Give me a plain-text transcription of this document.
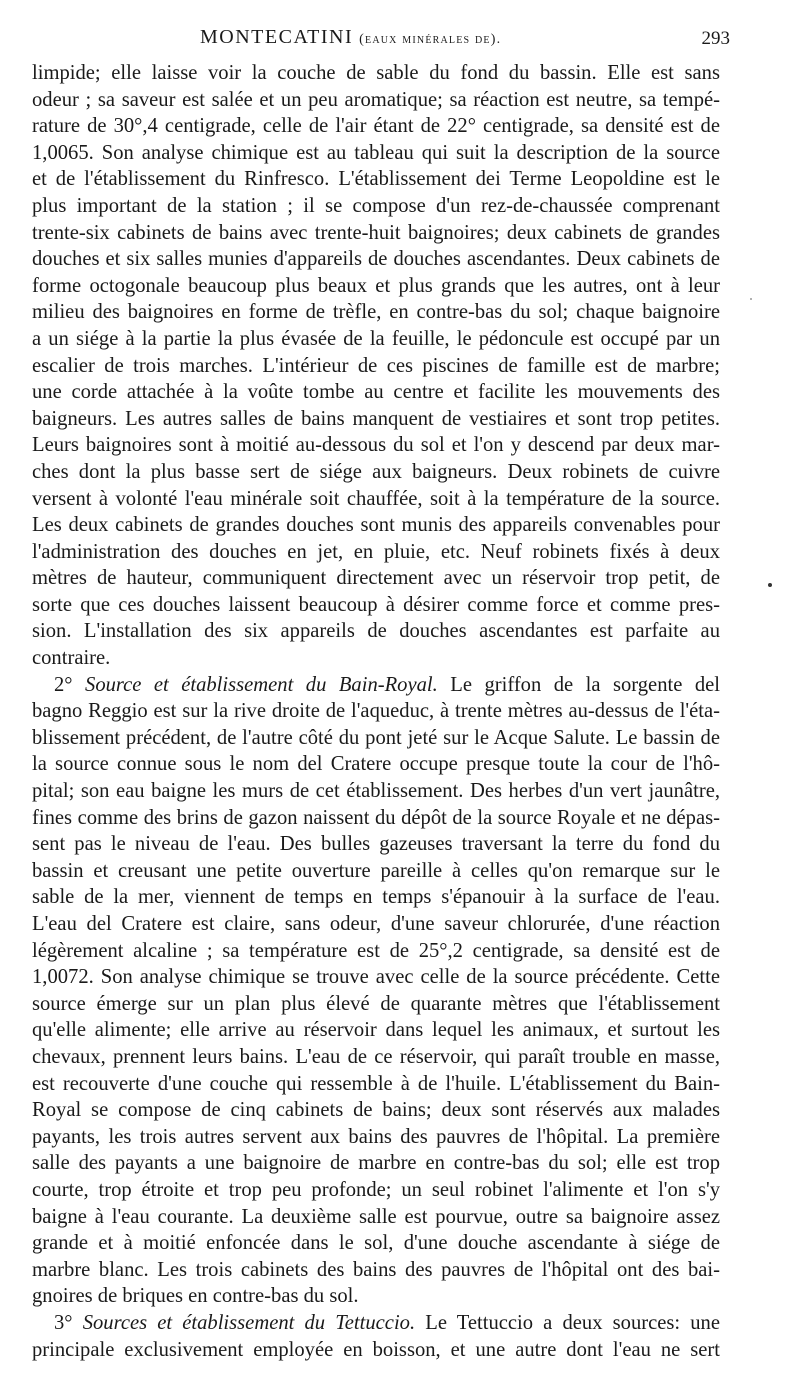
MONTECATINI (eaux minérales de).	293
limpide; elle laisse voir la couche de sable du fond du bassin. Elle est sans
odeur ; sa saveur est salée et un peu aromatique; sa réaction est neutre, sa tempé-
rature de 30°,4 centigrade, celle de l'air étant de 22° centigrade, sa densité est de
1,0065. Son analyse chimique est au tableau qui suit la description de la source
et de l'établissement du Rinfresco. L'établissement dei Terme Leopoldine est le
plus important de la station ; il se compose d'un rez-de-chaussée comprenant
trente-six cabinets de bains avec trente-huit baignoires; deux cabinets de grandes
douches et six salles munies d'appareils de douches ascendantes. Deux cabinets de
forme octogonale beaucoup plus beaux et plus grands que les autres, ont à leur
milieu des baignoires en forme de trèfle, en contre-bas du sol; chaque baignoire
a un siége à la partie la plus évasée de la feuille, le pédoncule est occupé par un
escalier de trois marches. L'intérieur de ces piscines de famille est de marbre;
une corde attachée à la voûte tombe au centre et facilite les mouvements des
baigneurs. Les autres salles de bains manquent de vestiaires et sont trop petites.
Leurs baignoires sont à moitié au-dessous du sol et l'on y descend par deux mar-
ches dont la plus basse sert de siége aux baigneurs. Deux robinets de cuivre
versent à volonté l'eau minérale soit chauffée, soit à la température de la source.
Les deux cabinets de grandes douches sont munis des appareils convenables pour
l'administration des douches en jet, en pluie, etc. Neuf robinets fixés à deux
mètres de hauteur, communiquent directement avec un réservoir trop petit, de
sorte que ces douches laissent beaucoup à désirer comme force et comme pres-
sion. L'installation des six appareils de douches ascendantes est parfaite au
contraire.
2° Source et établissement du Bain-Royal. Le griffon de la sorgente del
bagno Reggio est sur la rive droite de l'aqueduc, à trente mètres au-dessus de l'éta-
blissement précédent, de l'autre côté du pont jeté sur le Acque Salute. Le bassin de
la source connue sous le nom del Cratere occupe presque toute la cour de l'hô-
pital; son eau baigne les murs de cet établissement. Des herbes d'un vert jaunâtre,
fines comme des brins de gazon naissent du dépôt de la source Royale et ne dépas-
sent pas le niveau de l'eau. Des bulles gazeuses traversant la terre du fond du
bassin et creusant une petite ouverture pareille à celles qu'on remarque sur le
sable de la mer, viennent de temps en temps s'épanouir à la surface de l'eau.
L'eau del Cratere est claire, sans odeur, d'une saveur chlorurée, d'une réaction
légèrement alcaline ; sa température est de 25°,2 centigrade, sa densité est de
1,0072. Son analyse chimique se trouve avec celle de la source précédente. Cette
source émerge sur un plan plus élevé de quarante mètres que l'établissement
qu'elle alimente; elle arrive au réservoir dans lequel les animaux, et surtout les
chevaux, prennent leurs bains. L'eau de ce réservoir, qui paraît trouble en masse,
est recouverte d'une couche qui ressemble à de l'huile. L'établissement du Bain-
Royal se compose de cinq cabinets de bains; deux sont réservés aux malades
payants, les trois autres servent aux bains des pauvres de l'hôpital. La première
salle des payants a une baignoire de marbre en contre-bas du sol; elle est trop
courte, trop étroite et trop peu profonde; un seul robinet l'alimente et l'on s'y
baigne à l'eau courante. La deuxième salle est pourvue, outre sa baignoire assez
grande et à moitié enfoncée dans le sol, d'une douche ascendante à siége de
marbre blanc. Les trois cabinets des bains des pauvres de l'hôpital ont des bai-
gnoires de briques en contre-bas du sol.
3° Sources et établissement du Tettuccio. Le Tettuccio a deux sources: une
principale exclusivement employée en boisson, et une autre dont l'eau ne sert
